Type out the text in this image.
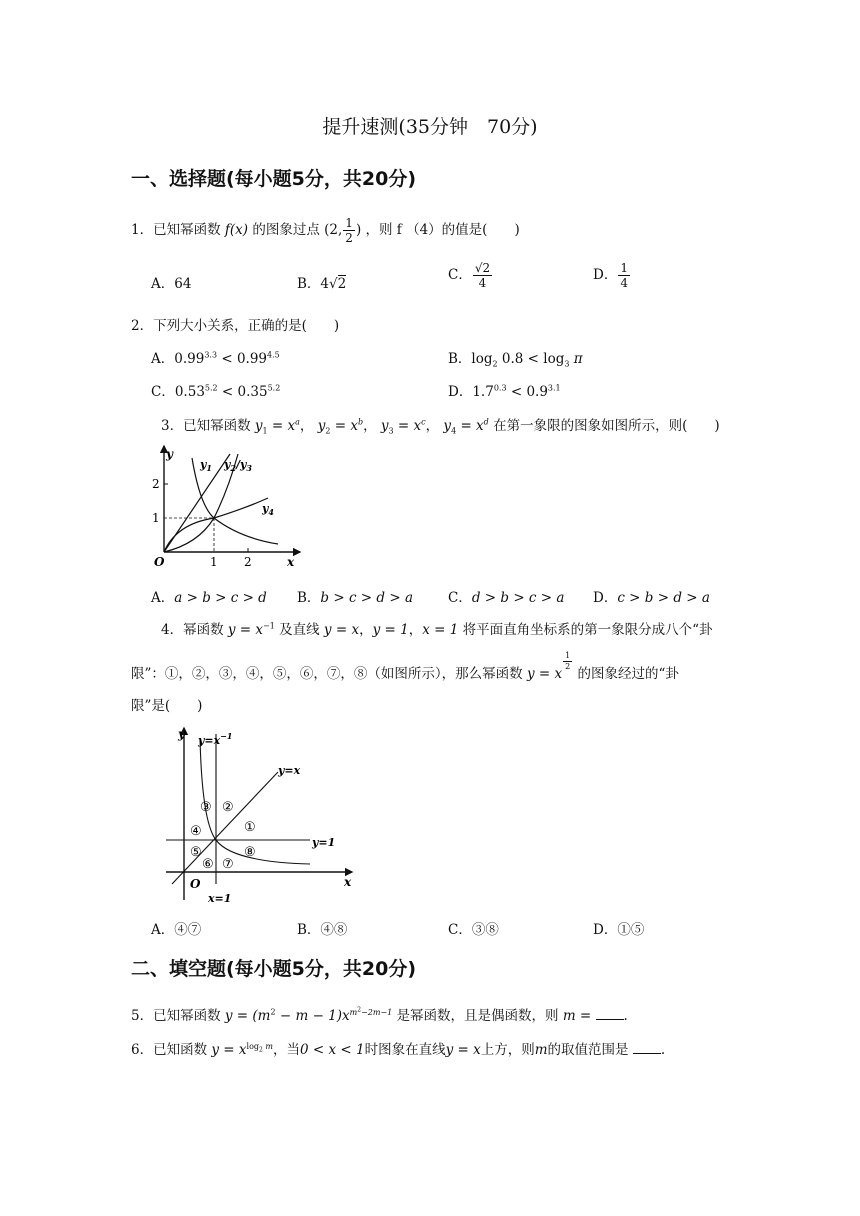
提升速测(35分钟　70分)
一、选择题(每小题5分，共20分)
1．已知幂函数 f(x) 的图象过点 (2, $\frac{1}{2}$ ) ，则 f （4）的值是(　　)
A．64	B．4√2
C． $\frac{√2}{4}$	D． $\frac{1}{4}$
2．下列大小关系，正确的是(　　)
A．$0.99^{3.3} < 0.99^{4.5}$	B．$\log_2 0.8 < \log_3 \pi$
C．$0.53^{5.2} < 0.35^{5.2}$	D．$1.7^{0.3} < 0.9^{3.1}$
3．已知幂函数 $y_1 = x^a$， $y_2 = x^b$， $y_3 = x^c$， $y_4 = x^d$ 在第一象限的图象如图所示，则(　　)
y
x
O
1
2
1 2
$y_1$ $y_2/y_3$
$y_4$
A．a > b > c > d B．b > c > d > a	C．d > b > c > a D．c > b > d > a
4．幂函数 $y = x^{-1}$ 及直线 y = x，y = 1，x = 1 将平面直角坐标系的第一象限分成八个“卦
限”：①，②，③，④，⑤，⑥，⑦，⑧（如图所示），那么幂函数 y = x
$^{\frac{1}{2}}$
的图象经过的“卦
限”是(　　)
y
x
O
$y=x^{-1}$
y=x
y=1
x=1
③ ②
①
④
⑤
⑥ ⑦
⑧
A．④⑦	B．④⑧	C．③⑧	D．①⑤
二、填空题(每小题5分，共20分)
5．已知幂函数 $y = (m^2 - m - 1)x^{m^2-2m-1}$ 是幂函数，且是偶函数，则 m = .
6．已知函数 $y = x^{log_2 m}$，当0 < x < 1时图象在直线y = x上方，则m的取值范围是 .
